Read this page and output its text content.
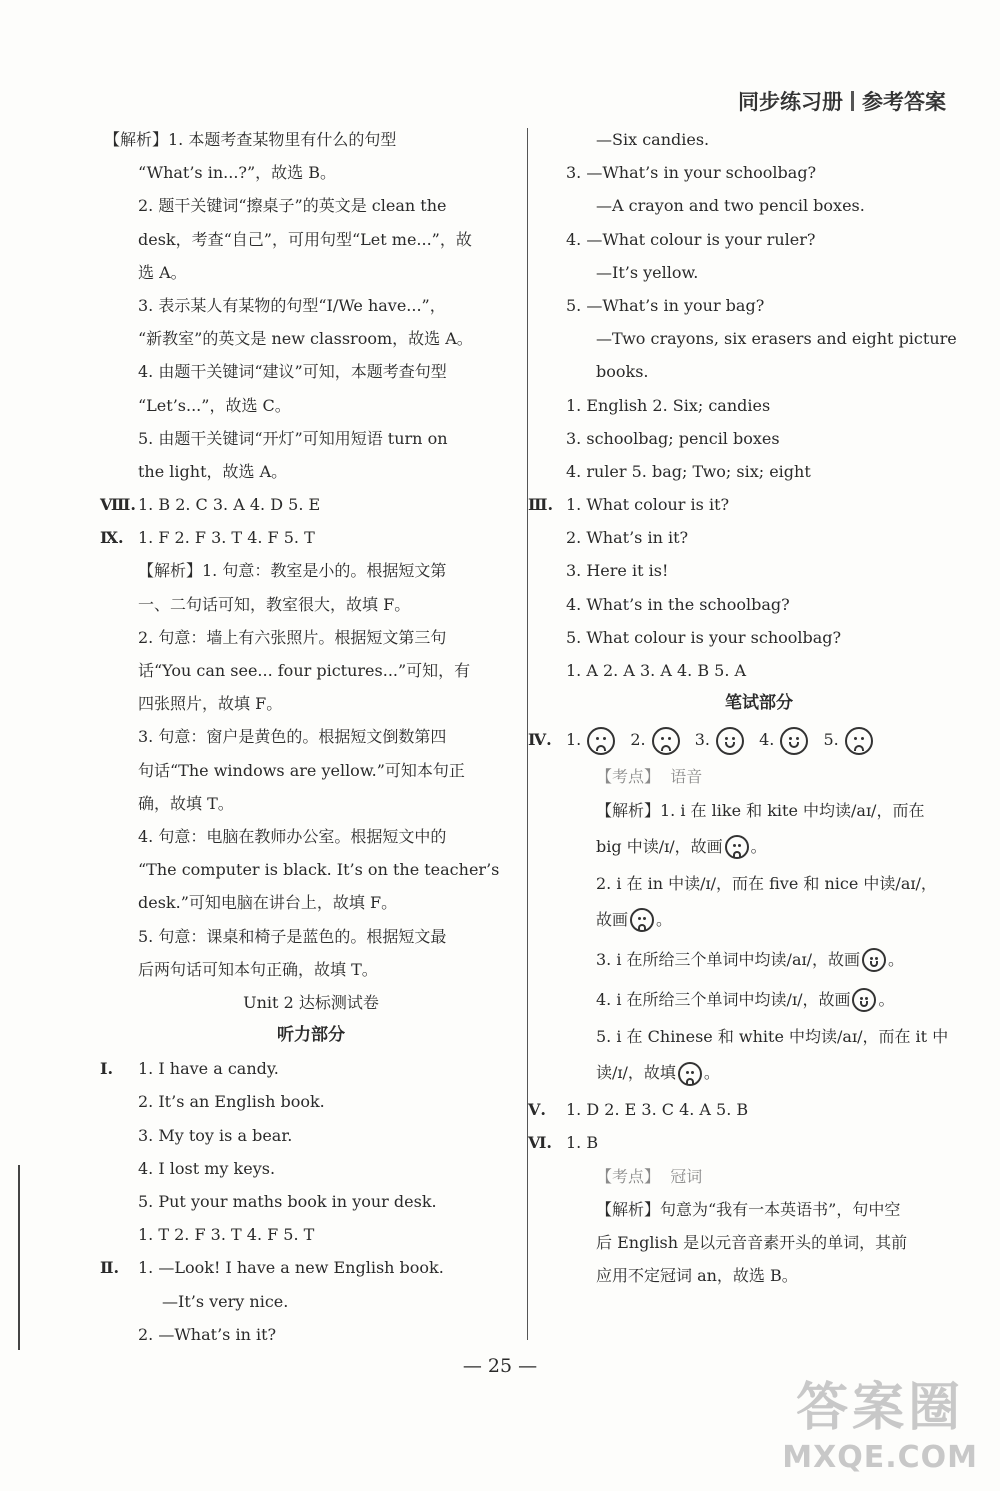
同步练习册 参考答案
【解析】1. 本题考查某物里有什么的句型
“What’s in...?”，故选 B。
2. 题干关键词“擦桌子”的英文是 clean the
desk，考查“自己”，可用句型“Let me...”，故
选 A。
3. 表示某人有某物的句型“I/We have...”，
“新教室”的英文是 new classroom，故选 A。
4. 由题干关键词“建议”可知，本题考查句型
“Let’s...”，故选 C。
5. 由题干关键词“开灯”可知用短语 turn on
the light，故选 A。
Ⅷ. 1. B 2. C 3. A 4. D 5. E
Ⅸ. 1. F 2. F 3. T 4. F 5. T
【解析】1. 句意：教室是小的。根据短文第
一、二句话可知，教室很大，故填 F。
2. 句意：墙上有六张照片。根据短文第三句
话“You can see... four pictures...”可知，有
四张照片，故填 F。
3. 句意：窗户是黄色的。根据短文倒数第四
句话“The windows are yellow.”可知本句正
确，故填 T。
4. 句意：电脑在教师办公室。根据短文中的
“The computer is black. It’s on the teacher’s
desk.”可知电脑在讲台上，故填 F。
5. 句意：课桌和椅子是蓝色的。根据短文最
后两句话可知本句正确，故填 T。
Unit 2 达标测试卷
听力部分
Ⅰ. 1. I have a candy.
2. It’s an English book.
3. My toy is a bear.
4. I lost my keys.
5. Put your maths book in your desk.
1. T 2. F 3. T 4. F 5. T
Ⅱ. 1. —Look! I have a new English book.
—It’s very nice.
2. —What’s in it?
—Six candies.
3. —What’s in your schoolbag?
—A crayon and two pencil boxes.
4. —What colour is your ruler?
—It’s yellow.
5. —What’s in your bag?
—Two crayons, six erasers and eight picture
books.
1. English 2. Six; candies
3. schoolbag; pencil boxes
4. ruler 5. bag; Two; six; eight
Ⅲ. 1. What colour is it?
2. What’s in it?
3. Here it is!
4. What’s in the schoolbag?
5. What colour is your schoolbag?
1. A 2. A 3. A 4. B 5. A
笔试部分
Ⅳ. 1.	2.	3.	4.	5.
【考点】 语音
【解析】1. i 在 like 和 kite 中均读/aɪ/，而在
big 中读/ɪ/，故画 。
2. i 在 in 中读/ɪ/，而在 five 和 nice 中读/aɪ/，
故画 。
3. i 在所给三个单词中均读/aɪ/，故画 。
4. i 在所给三个单词中均读/ɪ/，故画 。
5. i 在 Chinese 和 white 中均读/aɪ/，而在 it 中
读/ɪ/，故填 。
Ⅴ. 1. D 2. E 3. C 4. A 5. B
Ⅵ. 1. B
【考点】 冠词
【解析】句意为“我有一本英语书”，句中空
后 English 是以元音音素开头的单词，其前
应用不定冠词 an，故选 B。
— 25 —
答案圈
MXQE.COM
